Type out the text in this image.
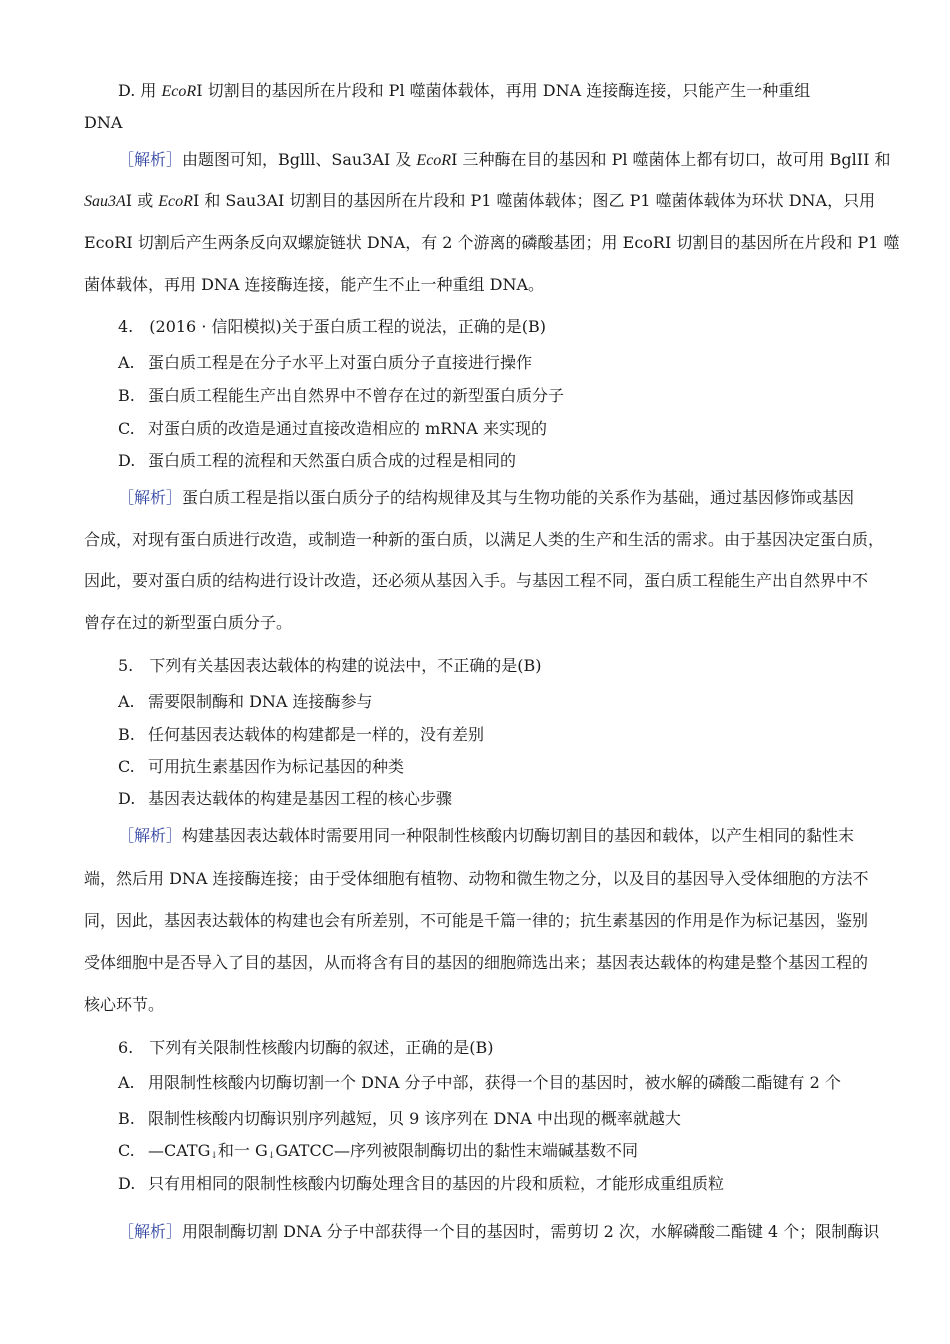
D. 用 EcoRI 切割目的基因所在片段和 Pl 噬菌体载体，再用 DNA 连接酶连接，只能产生一种重组
DNA
［解析］由题图可知，Bglll、Sau3AI 及 EcoRI 三种酶在目的基因和 Pl 噬菌体上都有切口，故可用 BglII 和
Sau3AI 或 EcoRI 和 Sau3AI 切割目的基因所在片段和 P1 噬菌体载体；图乙 P1 噬菌体载体为环状 DNA，只用
EcoRI 切割后产生两条反向双螺旋链状 DNA，有 2 个游离的磷酸基团；用 EcoRI 切割目的基因所在片段和 P1 噬
菌体载体，再用 DNA 连接酶连接，能产生不止一种重组 DNA。
4.　(2016 · 信阳模拟)关于蛋白质工程的说法，正确的是(B)
A. 蛋白质工程是在分子水平上对蛋白质分子直接进行操作
B. 蛋白质工程能生产出自然界中不曾存在过的新型蛋白质分子
C. 对蛋白质的改造是通过直接改造相应的 mRNA 来实现的
D. 蛋白质工程的流程和天然蛋白质合成的过程是相同的
［解析］蛋白质工程是指以蛋白质分子的结构规律及其与生物功能的关系作为基础，通过基因修饰或基因
合成，对现有蛋白质进行改造，或制造一种新的蛋白质，以满足人类的生产和生活的需求。由于基因决定蛋白质，
因此，要对蛋白质的结构进行设计改造，还必须从基因入手。与基因工程不同，蛋白质工程能生产出自然界中不
曾存在过的新型蛋白质分子。
5.　下列有关基因表达载体的构建的说法中，不正确的是(B)
A. 需要限制酶和 DNA 连接酶参与
B. 任何基因表达载体的构建都是一样的，没有差别
C. 可用抗生素基因作为标记基因的种类
D. 基因表达载体的构建是基因工程的核心步骤
［解析］构建基因表达载体时需要用同一种限制性核酸内切酶切割目的基因和载体，以产生相同的黏性末
端，然后用 DNA 连接酶连接；由于受体细胞有植物、动物和微生物之分，以及目的基因导入受体细胞的方法不
同，因此，基因表达载体的构建也会有所差别，不可能是千篇一律的；抗生素基因的作用是作为标记基因，鉴别
受体细胞中是否导入了目的基因，从而将含有目的基因的细胞筛选出来；基因表达载体的构建是整个基因工程的
核心环节。
6.　下列有关限制性核酸内切酶的叙述，正确的是(B)
A. 用限制性核酸内切酶切割一个 DNA 分子中部，获得一个目的基因时，被水解的磷酸二酯键有 2 个
B. 限制性核酸内切酶识别序列越短，贝 9 该序列在 DNA 中出现的概率就越大
C. —CATG↓和一 G↓GATCC—序列被限制酶切出的黏性末端碱基数不同
D. 只有用相同的限制性核酸内切酶处理含目的基因的片段和质粒，才能形成重组质粒
［解析］用限制酶切割 DNA 分子中部获得一个目的基因时，需剪切 2 次，水解磷酸二酯键 4 个；限制酶识
